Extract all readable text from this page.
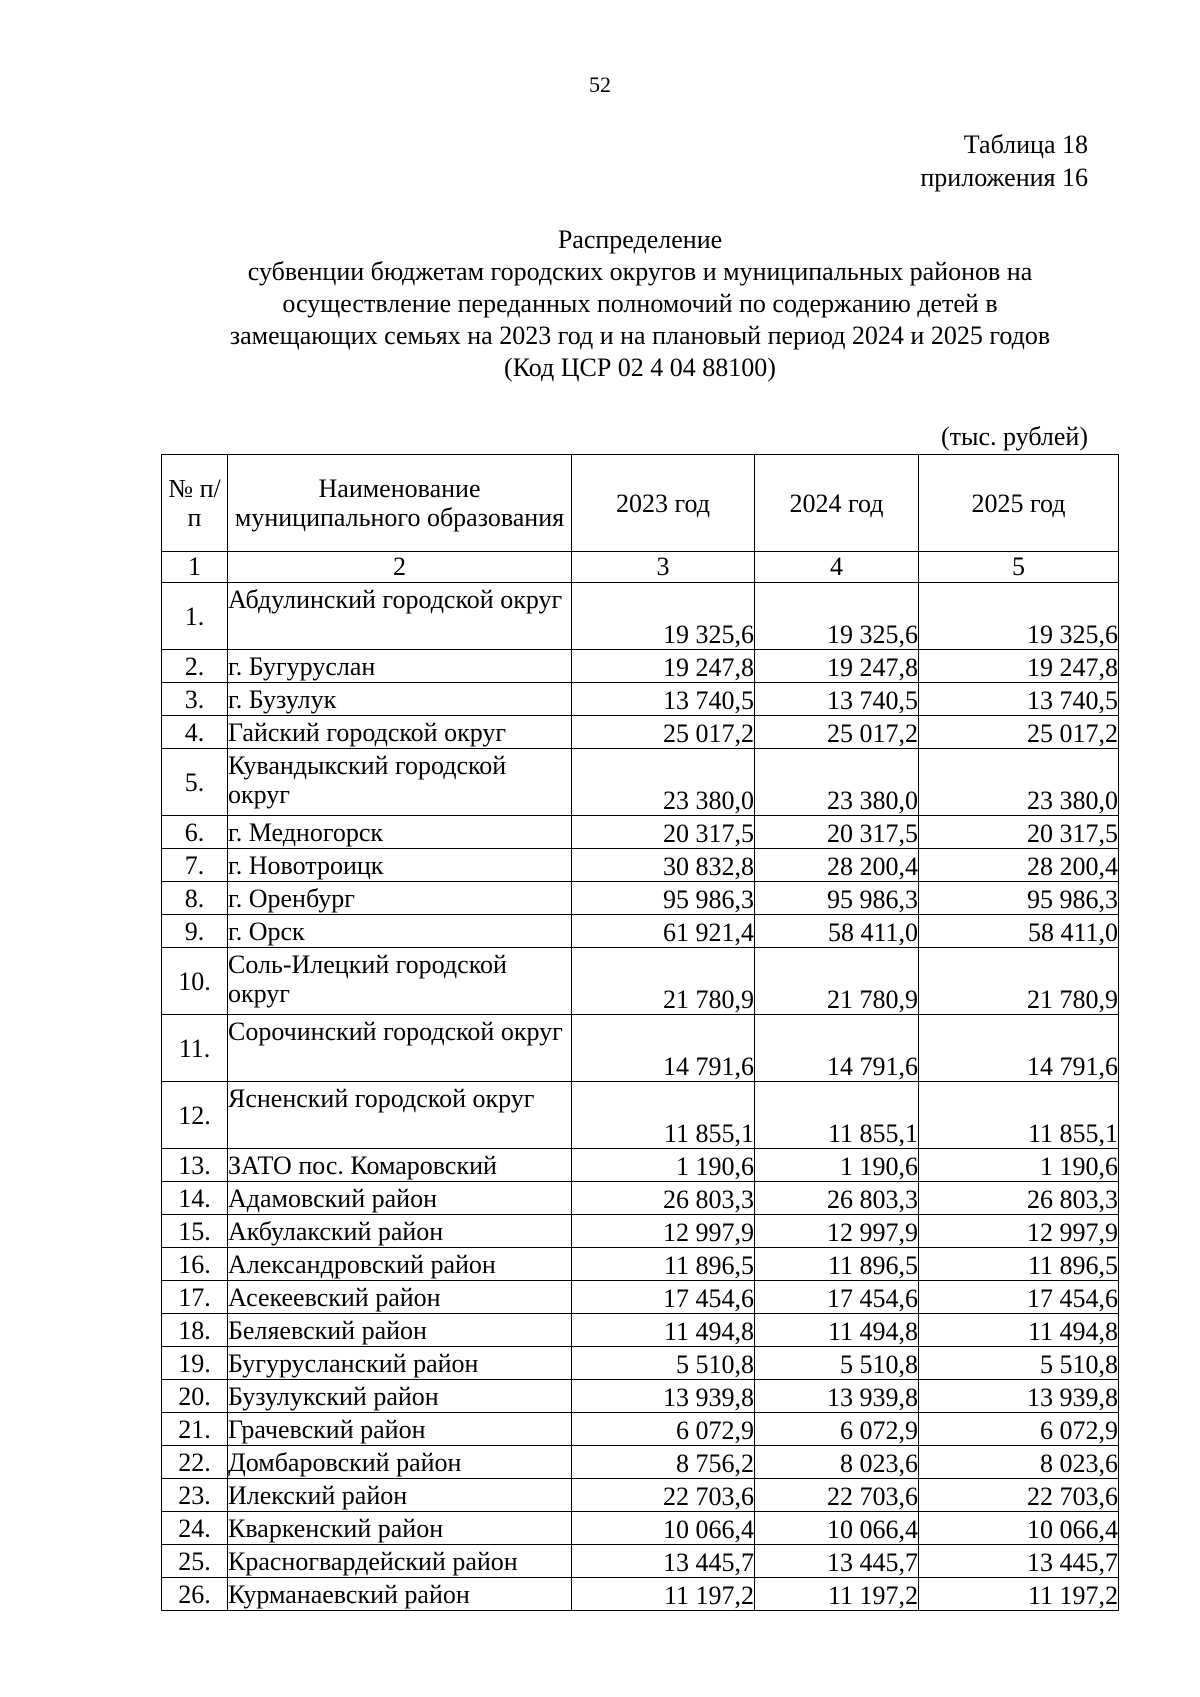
52
Таблица 18
приложения 16
Распределение
субвенции бюджетам городских округов и муниципальных районов на
осуществление переданных полномочий по содержанию детей в
замещающих семьях на 2023 год и на плановый период 2024 и 2025 годов
(Код ЦСР 02 4 04 88100)
(тыс. рублей)
№ п/п	Наименование муниципального образования	2023 год	2024 год	2025 год
1	2	3	4	5
1.	Абдулинский городской округ	19 325,6	19 325,6	19 325,6
2.	г. Бугуруслан	19 247,8	19 247,8	19 247,8
3.	г. Бузулук	13 740,5	13 740,5	13 740,5
4.	Гайский городской округ	25 017,2	25 017,2	25 017,2
5.	Кувандыкский городской округ	23 380,0	23 380,0	23 380,0
6.	г. Медногорск	20 317,5	20 317,5	20 317,5
7.	г. Новотроицк	30 832,8	28 200,4	28 200,4
8.	г. Оренбург	95 986,3	95 986,3	95 986,3
9.	г. Орск	61 921,4	58 411,0	58 411,0
10.	Соль-Илецкий городской округ	21 780,9	21 780,9	21 780,9
11.	Сорочинский городской округ	14 791,6	14 791,6	14 791,6
12.	Ясненский городской округ	11 855,1	11 855,1	11 855,1
13.	ЗАТО пос. Комаровский	1 190,6	1 190,6	1 190,6
14.	Адамовский район	26 803,3	26 803,3	26 803,3
15.	Акбулакский район	12 997,9	12 997,9	12 997,9
16.	Александровский район	11 896,5	11 896,5	11 896,5
17.	Асекеевский район	17 454,6	17 454,6	17 454,6
18.	Беляевский район	11 494,8	11 494,8	11 494,8
19.	Бугурусланский район	5 510,8	5 510,8	5 510,8
20.	Бузулукский район	13 939,8	13 939,8	13 939,8
21.	Грачевский район	6 072,9	6 072,9	6 072,9
22.	Домбаровский район	8 756,2	8 023,6	8 023,6
23.	Илекский район	22 703,6	22 703,6	22 703,6
24.	Кваркенский район	10 066,4	10 066,4	10 066,4
25.	Красногвардейский район	13 445,7	13 445,7	13 445,7
26.	Курманаевский район	11 197,2	11 197,2	11 197,2
